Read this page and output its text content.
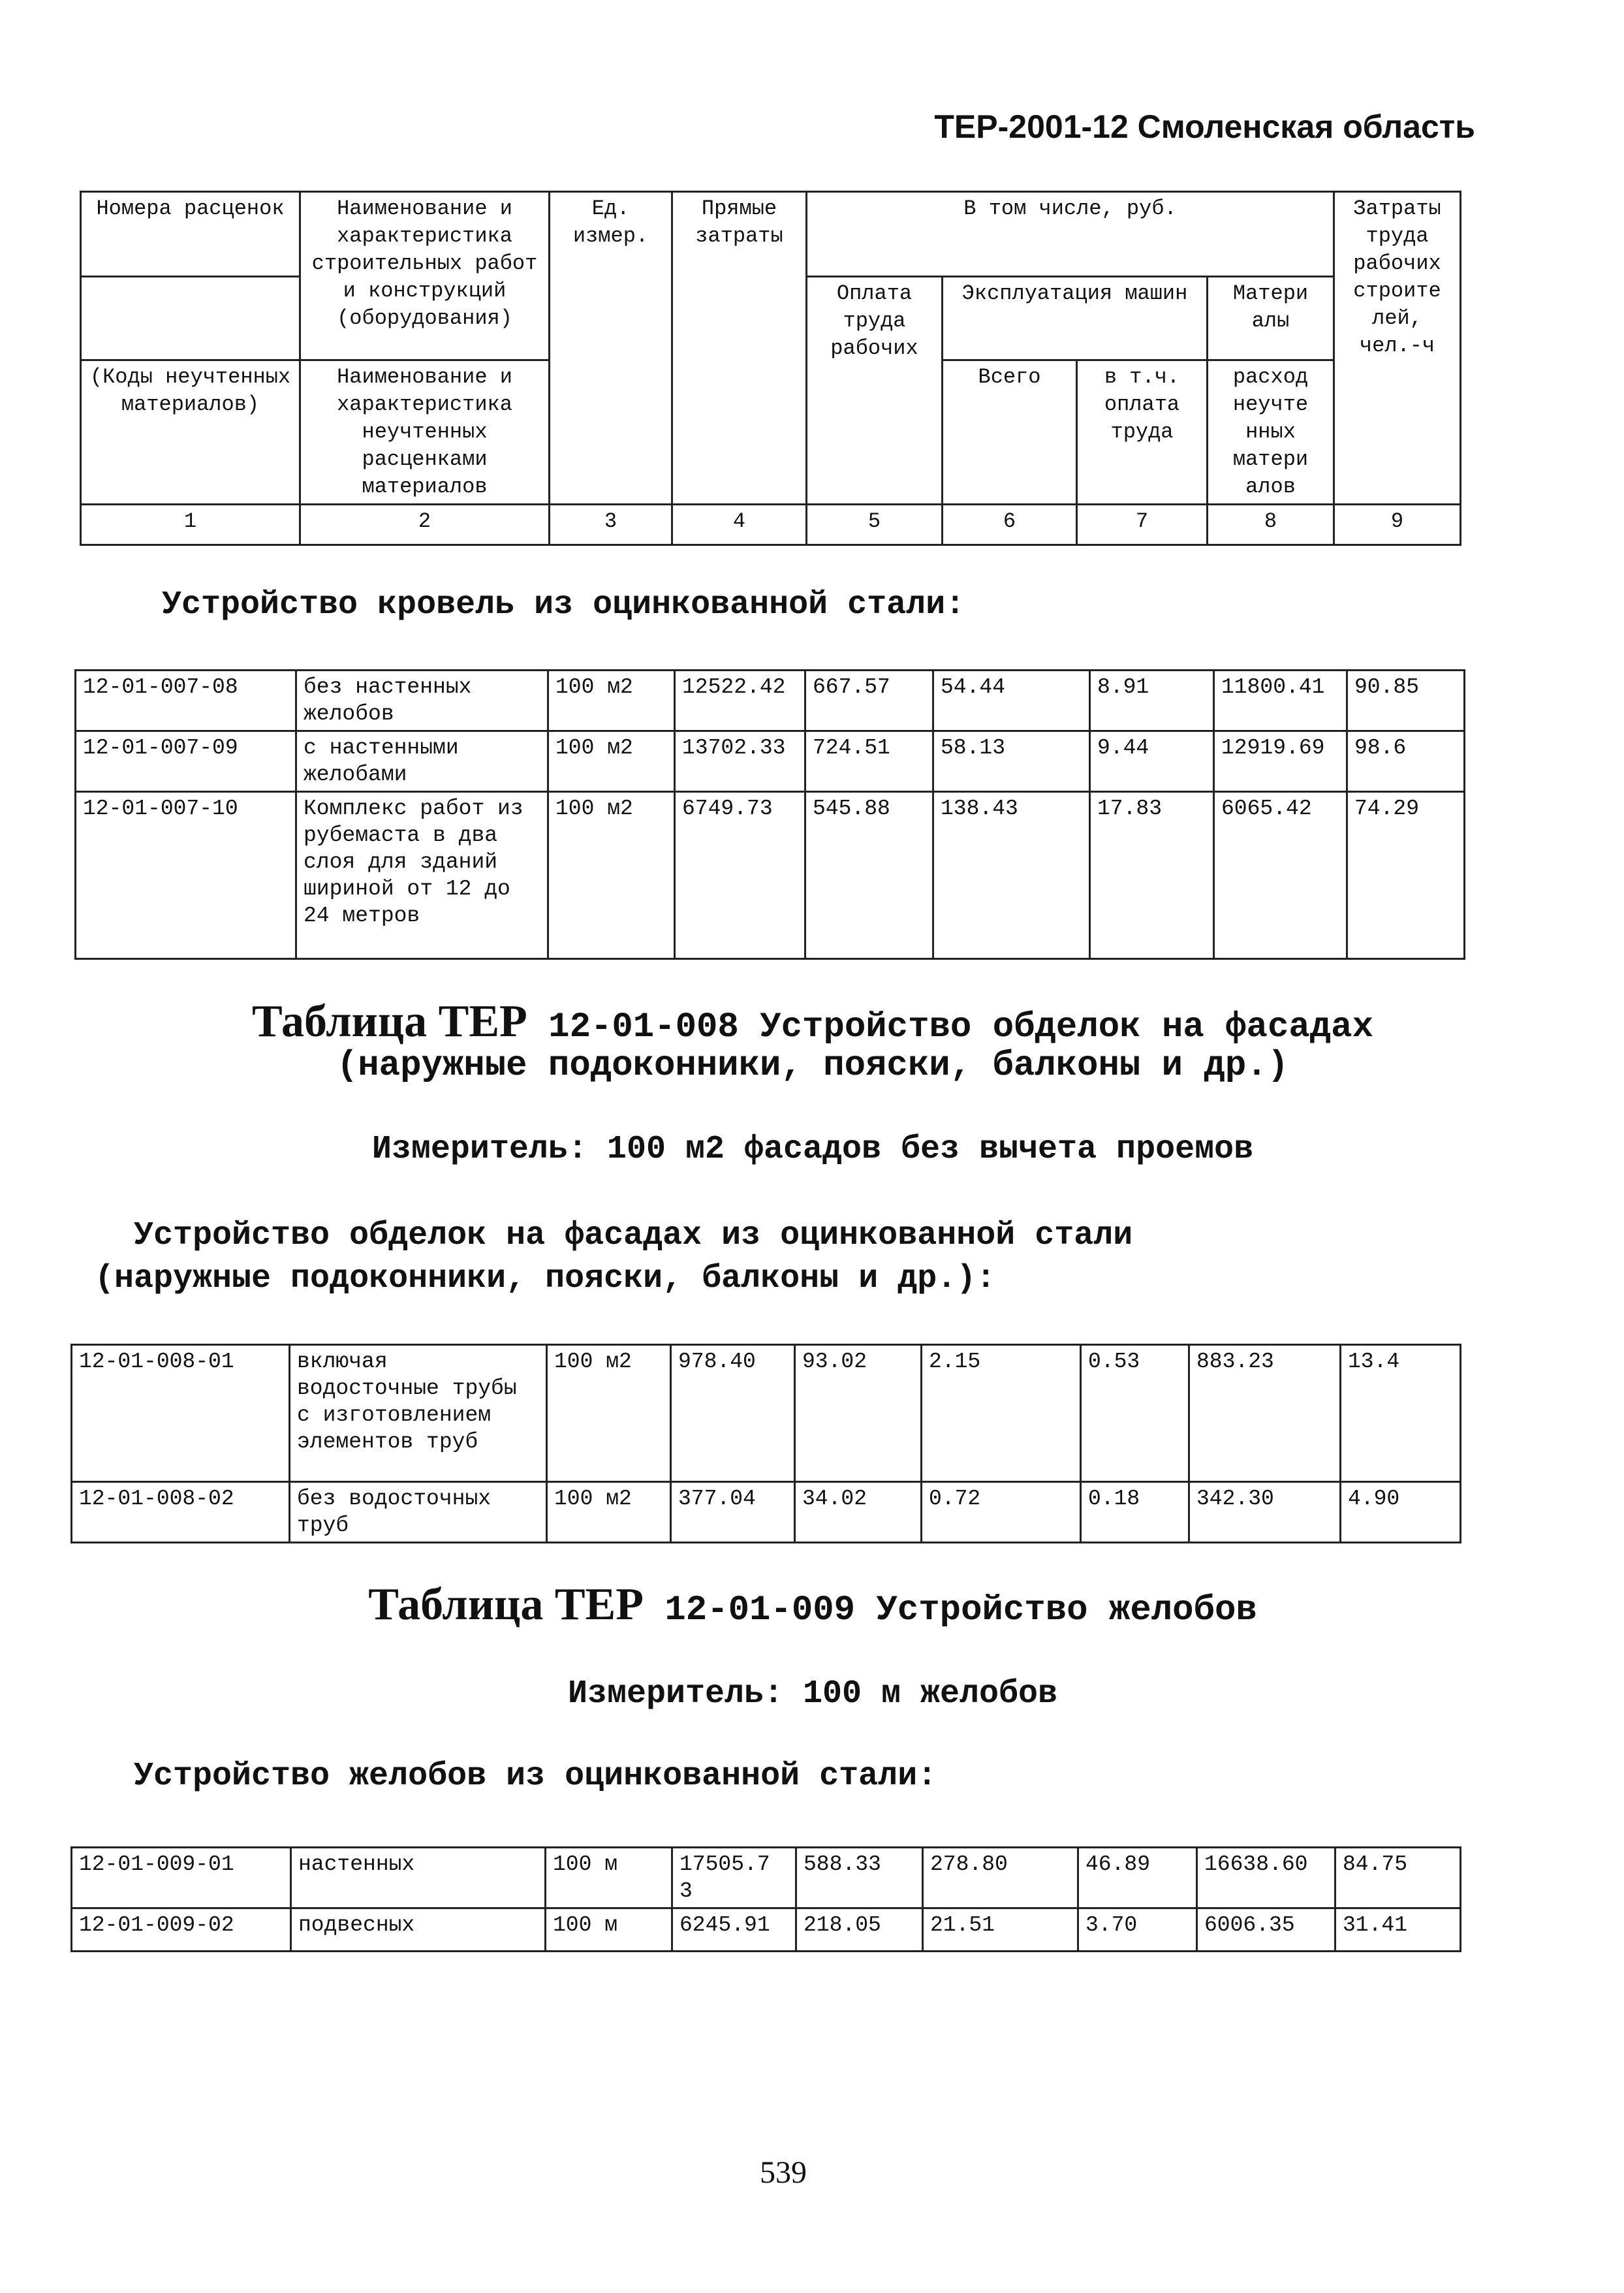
ТЕР-2001-12 Смоленская область
Номера расценок	Наименование и характеристика строительных работ и конструкций (оборудования)	Ед. измер.	Прямые затраты	В том числе, руб.				Затраты труда рабочих строите лей, чел.-ч
				Оплата труда рабочих	Эксплуатация машин		Матери алы	
(Коды неучтенных материалов)	Наименование и характеристика неучтенных расценками материалов				Всего	в т.ч. оплата труда	расход неучте нных матери алов	
1	2	3	4	5	6	7	8	9
Устройство кровель из оцинкованной стали:
12-01-007-08	без настенных желобов	100 м2	12522.42	667.57	54.44	8.91	11800.41	90.85
12-01-007-09	с настенными желобами	100 м2	13702.33	724.51	58.13	9.44	12919.69	98.6
12-01-007-10	Комплекс работ из рубемаста в два слоя для зданий шириной от 12 до 24 метров	100 м2	6749.73	545.88	138.43	17.83	6065.42	74.29
Таблица ТЕР 12-01-008 Устройство обделок на фасадах
(наружные подоконники, пояски, балконы и др.)
Измеритель: 100 м2 фасадов без вычета проемов
Устройство обделок на фасадах из оцинкованной стали
(наружные подоконники, пояски, балконы и др.):
12-01-008-01	включая водосточные трубы с изготовлением элементов труб	100 м2	978.40	93.02	2.15	0.53	883.23	13.4
12-01-008-02	без водосточных труб	100 м2	377.04	34.02	0.72	0.18	342.30	4.90
Таблица ТЕР 12-01-009 Устройство желобов
Измеритель: 100 м желобов
Устройство желобов из оцинкованной стали:
12-01-009-01	настенных	100 м	17505.7 3	588.33	278.80	46.89	16638.60	84.75
12-01-009-02	подвесных	100 м	6245.91	218.05	21.51	3.70	6006.35	31.41
539
